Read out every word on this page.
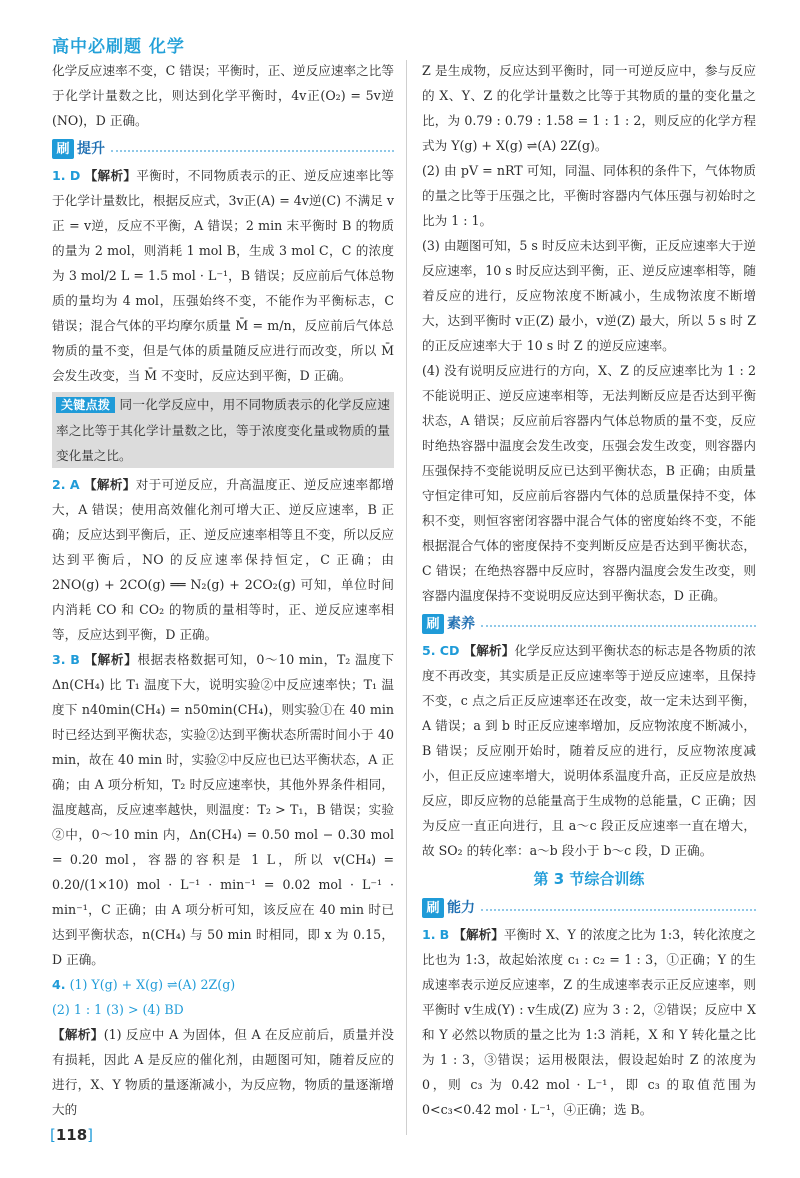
高中必刷题 化学

化学反应速率不变，C 错误；平衡时，正、逆反应速率之比等于化学计量数之比，则达到化学平衡时，4v正(O₂) = 5v逆(NO)，D 正确。

刷 提升

1. D 【解析】平衡时，不同物质表示的正、逆反应速率比等于化学计量数比，根据反应式，3v正(A) = 4v逆(C) 不满足 v正 = v逆，反应不平衡，A 错误；2 min 末平衡时 B 的物质的量为 2 mol，则消耗 1 mol B，生成 3 mol C，C 的浓度为 3 mol/2 L = 1.5 mol · L⁻¹，B 错误；反应前后气体总物质的量均为 4 mol，压强始终不变，不能作为平衡标志，C 错误；混合气体的平均摩尔质量 M̄ = m/n，反应前后气体总物质的量不变，但是气体的质量随反应进行而改变，所以 M̄ 会发生改变，当 M̄ 不变时，反应达到平衡，D 正确。

关键点拨 同一化学反应中，用不同物质表示的化学反应速率之比等于其化学计量数之比，等于浓度变化量或物质的量变化量之比。

2. A 【解析】对于可逆反应，升高温度正、逆反应速率都增大，A 错误；使用高效催化剂可增大正、逆反应速率，B 正确；反应达到平衡后，正、逆反应速率相等且不变，所以反应达到平衡后，NO 的反应速率保持恒定，C 正确；由 2NO(g) + 2CO(g) ══ N₂(g) + 2CO₂(g) 可知，单位时间内消耗 CO 和 CO₂ 的物质的量相等时，正、逆反应速率相等，反应达到平衡，D 正确。

3. B 【解析】根据表格数据可知，0～10 min，T₂ 温度下 Δn(CH₄) 比 T₁ 温度下大，说明实验②中反应速率快；T₁ 温度下 n40min(CH₄) = n50min(CH₄)，则实验①在 40 min 时已经达到平衡状态，实验②达到平衡状态所需时间小于 40 min，故在 40 min 时，实验②中反应也已达平衡状态，A 正确；由 A 项分析知，T₂ 时反应速率快，其他外界条件相同，温度越高，反应速率越快，则温度：T₂ > T₁，B 错误；实验②中，0～10 min 内，Δn(CH₄) = 0.50 mol − 0.30 mol = 0.20 mol，容器的容积是 1 L，所以 v(CH₄) = 0.20/(1×10) mol · L⁻¹ · min⁻¹ = 0.02 mol · L⁻¹ · min⁻¹，C 正确；由 A 项分析可知，该反应在 40 min 时已达到平衡状态，n(CH₄) 与 50 min 时相同，即 x 为 0.15，D 正确。

4. (1) Y(g) + X(g) ⇌(A) 2Z(g)

(2) 1 : 1 (3) > (4) BD

【解析】(1) 反应中 A 为固体，但 A 在反应前后，质量并没有损耗，因此 A 是反应的催化剂，由题图可知，随着反应的进行，X、Y 物质的量逐渐减小，为反应物，物质的量逐渐增大的

Z 是生成物，反应达到平衡时，同一可逆反应中，参与反应的 X、Y、Z 的化学计量数之比等于其物质的量的变化量之比，为 0.79 : 0.79 : 1.58 = 1 : 1 : 2，则反应的化学方程式为 Y(g) + X(g) ⇌(A) 2Z(g)。

(2) 由 pV = nRT 可知，同温、同体积的条件下，气体物质的量之比等于压强之比，平衡时容器内气体压强与初始时之比为 1 : 1。

(3) 由题图可知，5 s 时反应未达到平衡，正反应速率大于逆反应速率，10 s 时反应达到平衡，正、逆反应速率相等，随着反应的进行，反应物浓度不断减小，生成物浓度不断增大，达到平衡时 v正(Z) 最小，v逆(Z) 最大，所以 5 s 时 Z 的正反应速率大于 10 s 时 Z 的逆反应速率。

(4) 没有说明反应进行的方向，X、Z 的反应速率比为 1 : 2 不能说明正、逆反应速率相等，无法判断反应是否达到平衡状态，A 错误；反应前后容器内气体总物质的量不变，反应时绝热容器中温度会发生改变，压强会发生改变，则容器内压强保持不变能说明反应已达到平衡状态，B 正确；由质量守恒定律可知，反应前后容器内气体的总质量保持不变，体积不变，则恒容密闭容器中混合气体的密度始终不变，不能根据混合气体的密度保持不变判断反应是否达到平衡状态，C 错误；在绝热容器中反应时，容器内温度会发生改变，则容器内温度保持不变说明反应达到平衡状态，D 正确。

刷 素养

5. CD 【解析】化学反应达到平衡状态的标志是各物质的浓度不再改变，其实质是正反应速率等于逆反应速率，且保持不变，c 点之后正反应速率还在改变，故一定未达到平衡，A 错误；a 到 b 时正反应速率增加，反应物浓度不断减小，B 错误；反应刚开始时，随着反应的进行，反应物浓度减小，但正反应速率增大，说明体系温度升高，正反应是放热反应，即反应物的总能量高于生成物的总能量，C 正确；因为反应一直正向进行，且 a～c 段正反应速率一直在增大，故 SO₂ 的转化率：a～b 段小于 b～c 段，D 正确。

第 3 节综合训练
刷 能力

1. B 【解析】平衡时 X、Y 的浓度之比为 1:3，转化浓度之比也为 1:3，故起始浓度 c₁ : c₂ = 1 : 3，①正确；Y 的生成速率表示逆反应速率，Z 的生成速率表示正反应速率，则平衡时 v生成(Y) : v生成(Z) 应为 3 : 2，②错误；反应中 X 和 Y 必然以物质的量之比为 1:3 消耗，X 和 Y 转化量之比为 1 : 3，③错误；运用极限法，假设起始时 Z 的浓度为 0，则 c₃ 为 0.42 mol · L⁻¹，即 c₃ 的取值范围为 0<c₃<0.42 mol · L⁻¹，④正确；选 B。

[118]
